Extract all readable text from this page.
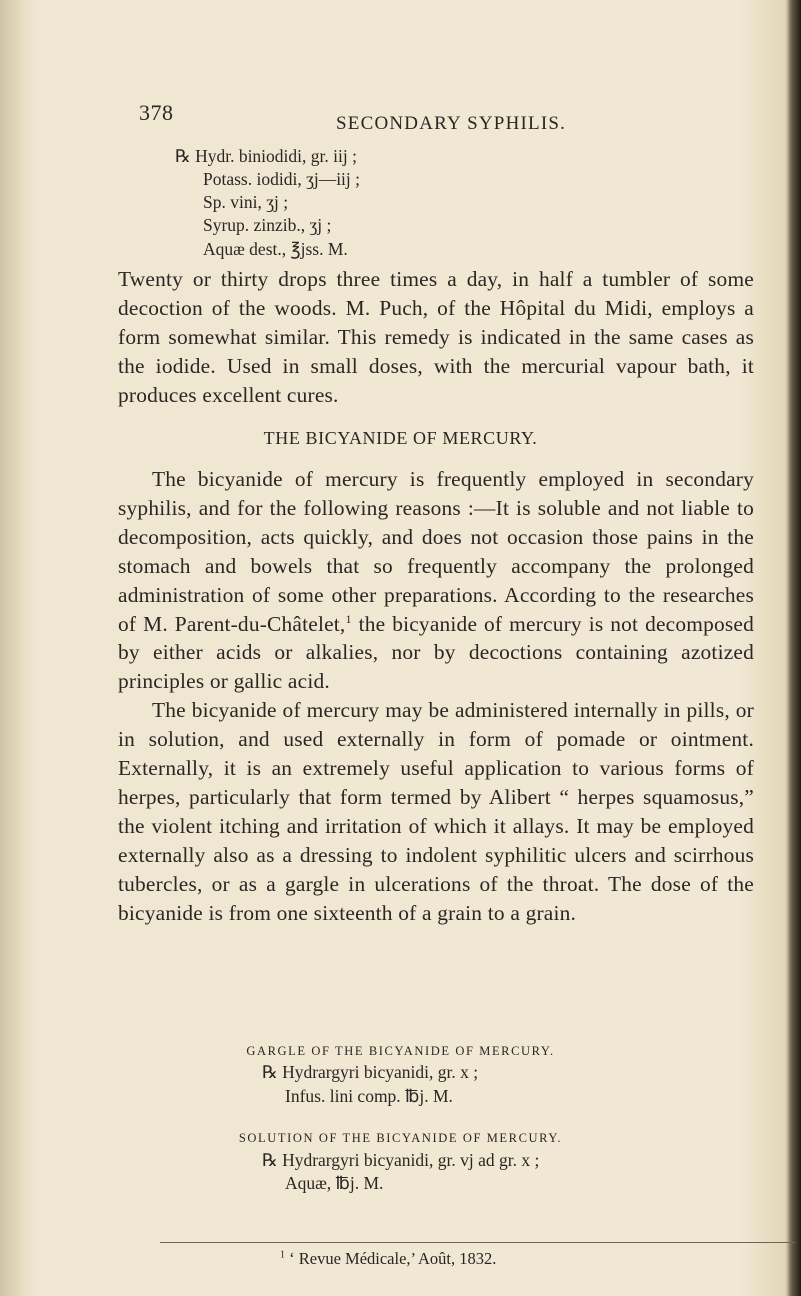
378	SECONDARY SYPHILIS.
℞ Hydr. biniodidi, gr. iij ;
Potass. iodidi, ʒj—iij ;
Sp. vini, ʒj ;
Syrup. zinzib., ʒj ;
Aquæ dest., ℥jss. M.

Twenty or thirty drops three times a day, in half a tumbler of some decoction of the woods. M. Puch, of the Hôpital du Midi, employs a form somewhat similar. This remedy is indicated in the same cases as the iodide. Used in small doses, with the mercurial vapour bath, it produces excellent cures.

THE BICYANIDE OF MERCURY.

The bicyanide of mercury is frequently employed in secondary syphilis, and for the following reasons :—It is soluble and not liable to decomposition, acts quickly, and does not occasion those pains in the stomach and bowels that so frequently accompany the prolonged administration of some other preparations. According to the researches of M. Parent-du-Châtelet,$^1$ the bicyanide of mercury is not decomposed by either acids or alkalies, nor by decoctions containing azotized principles or gallic acid.

The bicyanide of mercury may be administered internally in pills, or in solution, and used externally in form of pomade or ointment. Externally, it is an extremely useful application to various forms of herpes, particularly that form termed by Alibert “ herpes squamosus,” the violent itching and irritation of which it allays. It may be employed externally also as a dressing to indolent syphilitic ulcers and scirrhous tubercles, or as a gargle in ulcerations of the throat. The dose of the bicyanide is from one sixteenth of a grain to a grain.

GARGLE OF THE BICYANIDE OF MERCURY.
℞ Hydrargyri bicyanidi, gr. x ;
Infus. lini comp. ℔j. M.
SOLUTION OF THE BICYANIDE OF MERCURY.
℞ Hydrargyri bicyanidi, gr. vj ad gr. x ;
Aquæ, ℔j. M.
$^1$ ‘ Revue Médicale,’ Août, 1832.
